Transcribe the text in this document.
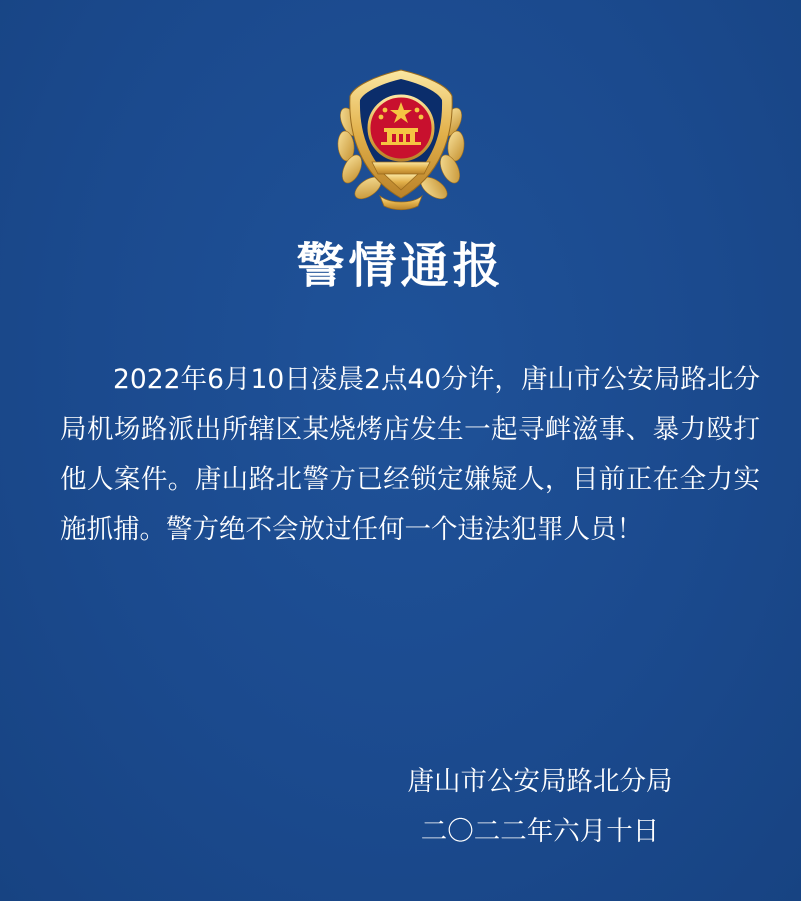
警情通报
2022年6月10日凌晨2点40分许，唐山市公安局路北分局机场路派出所辖区某烧烤店发生一起寻衅滋事、暴力殴打他人案件。唐山路北警方已经锁定嫌疑人，目前正在全力实施抓捕。警方绝不会放过任何一个违法犯罪人员！
唐山市公安局路北分局
二〇二二年六月十日
